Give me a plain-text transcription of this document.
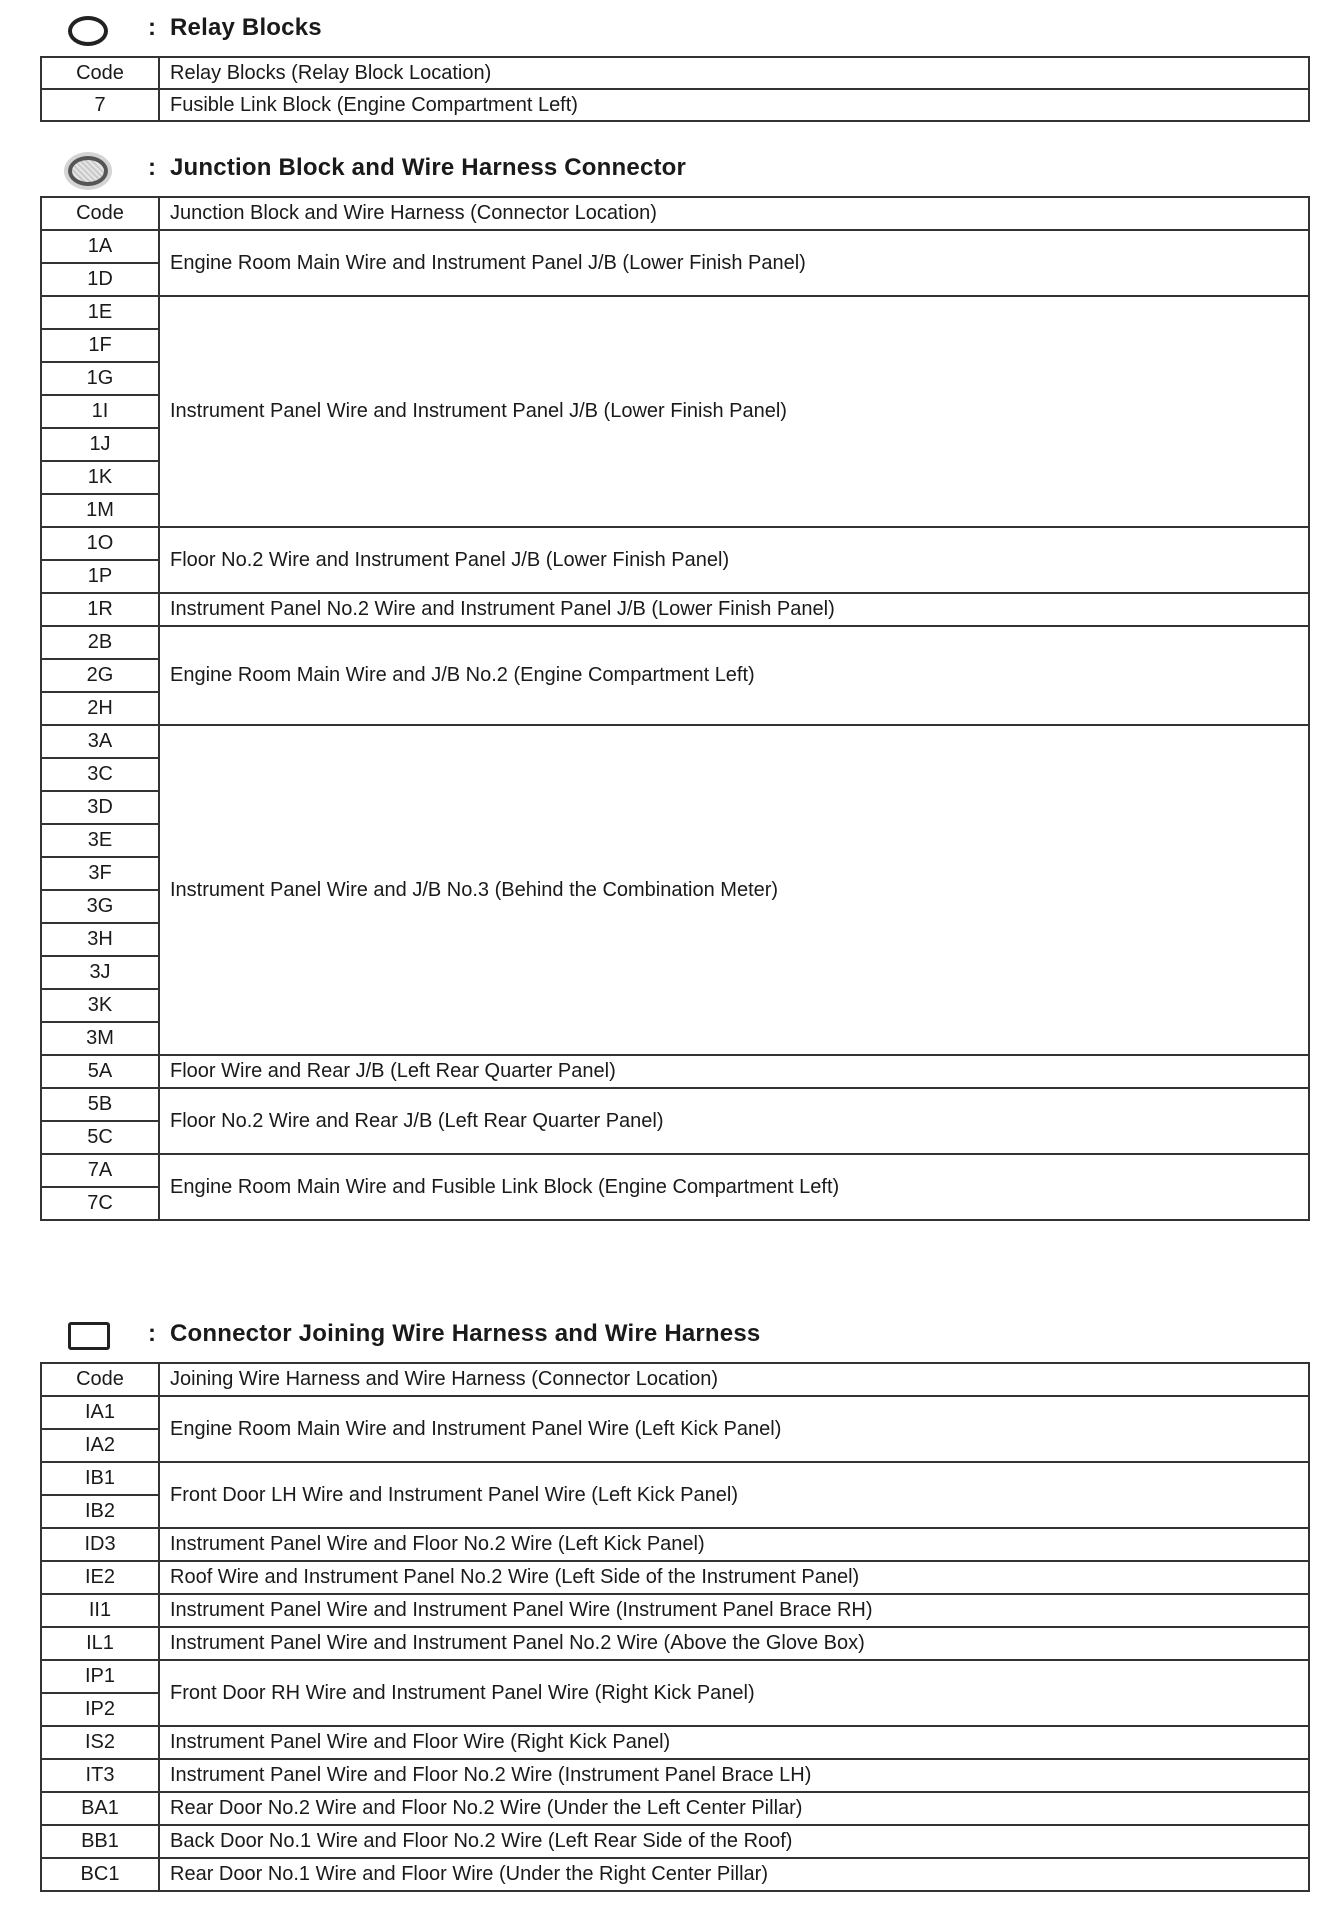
: Relay Blocks
Code	Relay Blocks (Relay Block Location)
7	Fusible Link Block (Engine Compartment Left)
: Junction Block and Wire Harness Connector
Code	Junction Block and Wire Harness (Connector Location)
1A	Engine Room Main Wire and Instrument Panel J/B (Lower Finish Panel)
1D	
1E	Instrument Panel Wire and Instrument Panel J/B (Lower Finish Panel)
1F	
1G	
1I	
1J	
1K	
1M	
1O	Floor No.2 Wire and Instrument Panel J/B (Lower Finish Panel)
1P	
1R	Instrument Panel No.2 Wire and Instrument Panel J/B (Lower Finish Panel)
2B	Engine Room Main Wire and J/B No.2 (Engine Compartment Left)
2G	
2H	
3A	Instrument Panel Wire and J/B No.3 (Behind the Combination Meter)
3C	
3D	
3E	
3F	
3G	
3H	
3J	
3K	
3M	
5A	Floor Wire and Rear J/B (Left Rear Quarter Panel)
5B	Floor No.2 Wire and Rear J/B (Left Rear Quarter Panel)
5C	
7A	Engine Room Main Wire and Fusible Link Block (Engine Compartment Left)
7C	
: Connector Joining Wire Harness and Wire Harness
Code	Joining Wire Harness and Wire Harness (Connector Location)
IA1	Engine Room Main Wire and Instrument Panel Wire (Left Kick Panel)
IA2	
IB1	Front Door LH Wire and Instrument Panel Wire (Left Kick Panel)
IB2	
ID3	Instrument Panel Wire and Floor No.2 Wire (Left Kick Panel)
IE2	Roof Wire and Instrument Panel No.2 Wire (Left Side of the Instrument Panel)
II1	Instrument Panel Wire and Instrument Panel Wire (Instrument Panel Brace RH)
IL1	Instrument Panel Wire and Instrument Panel No.2 Wire (Above the Glove Box)
IP1	Front Door RH Wire and Instrument Panel Wire (Right Kick Panel)
IP2	
IS2	Instrument Panel Wire and Floor Wire (Right Kick Panel)
IT3	Instrument Panel Wire and Floor No.2 Wire (Instrument Panel Brace LH)
BA1	Rear Door No.2 Wire and Floor No.2 Wire (Under the Left Center Pillar)
BB1	Back Door No.1 Wire and Floor No.2 Wire (Left Rear Side of the Roof)
BC1	Rear Door No.1 Wire and Floor Wire (Under the Right Center Pillar)
